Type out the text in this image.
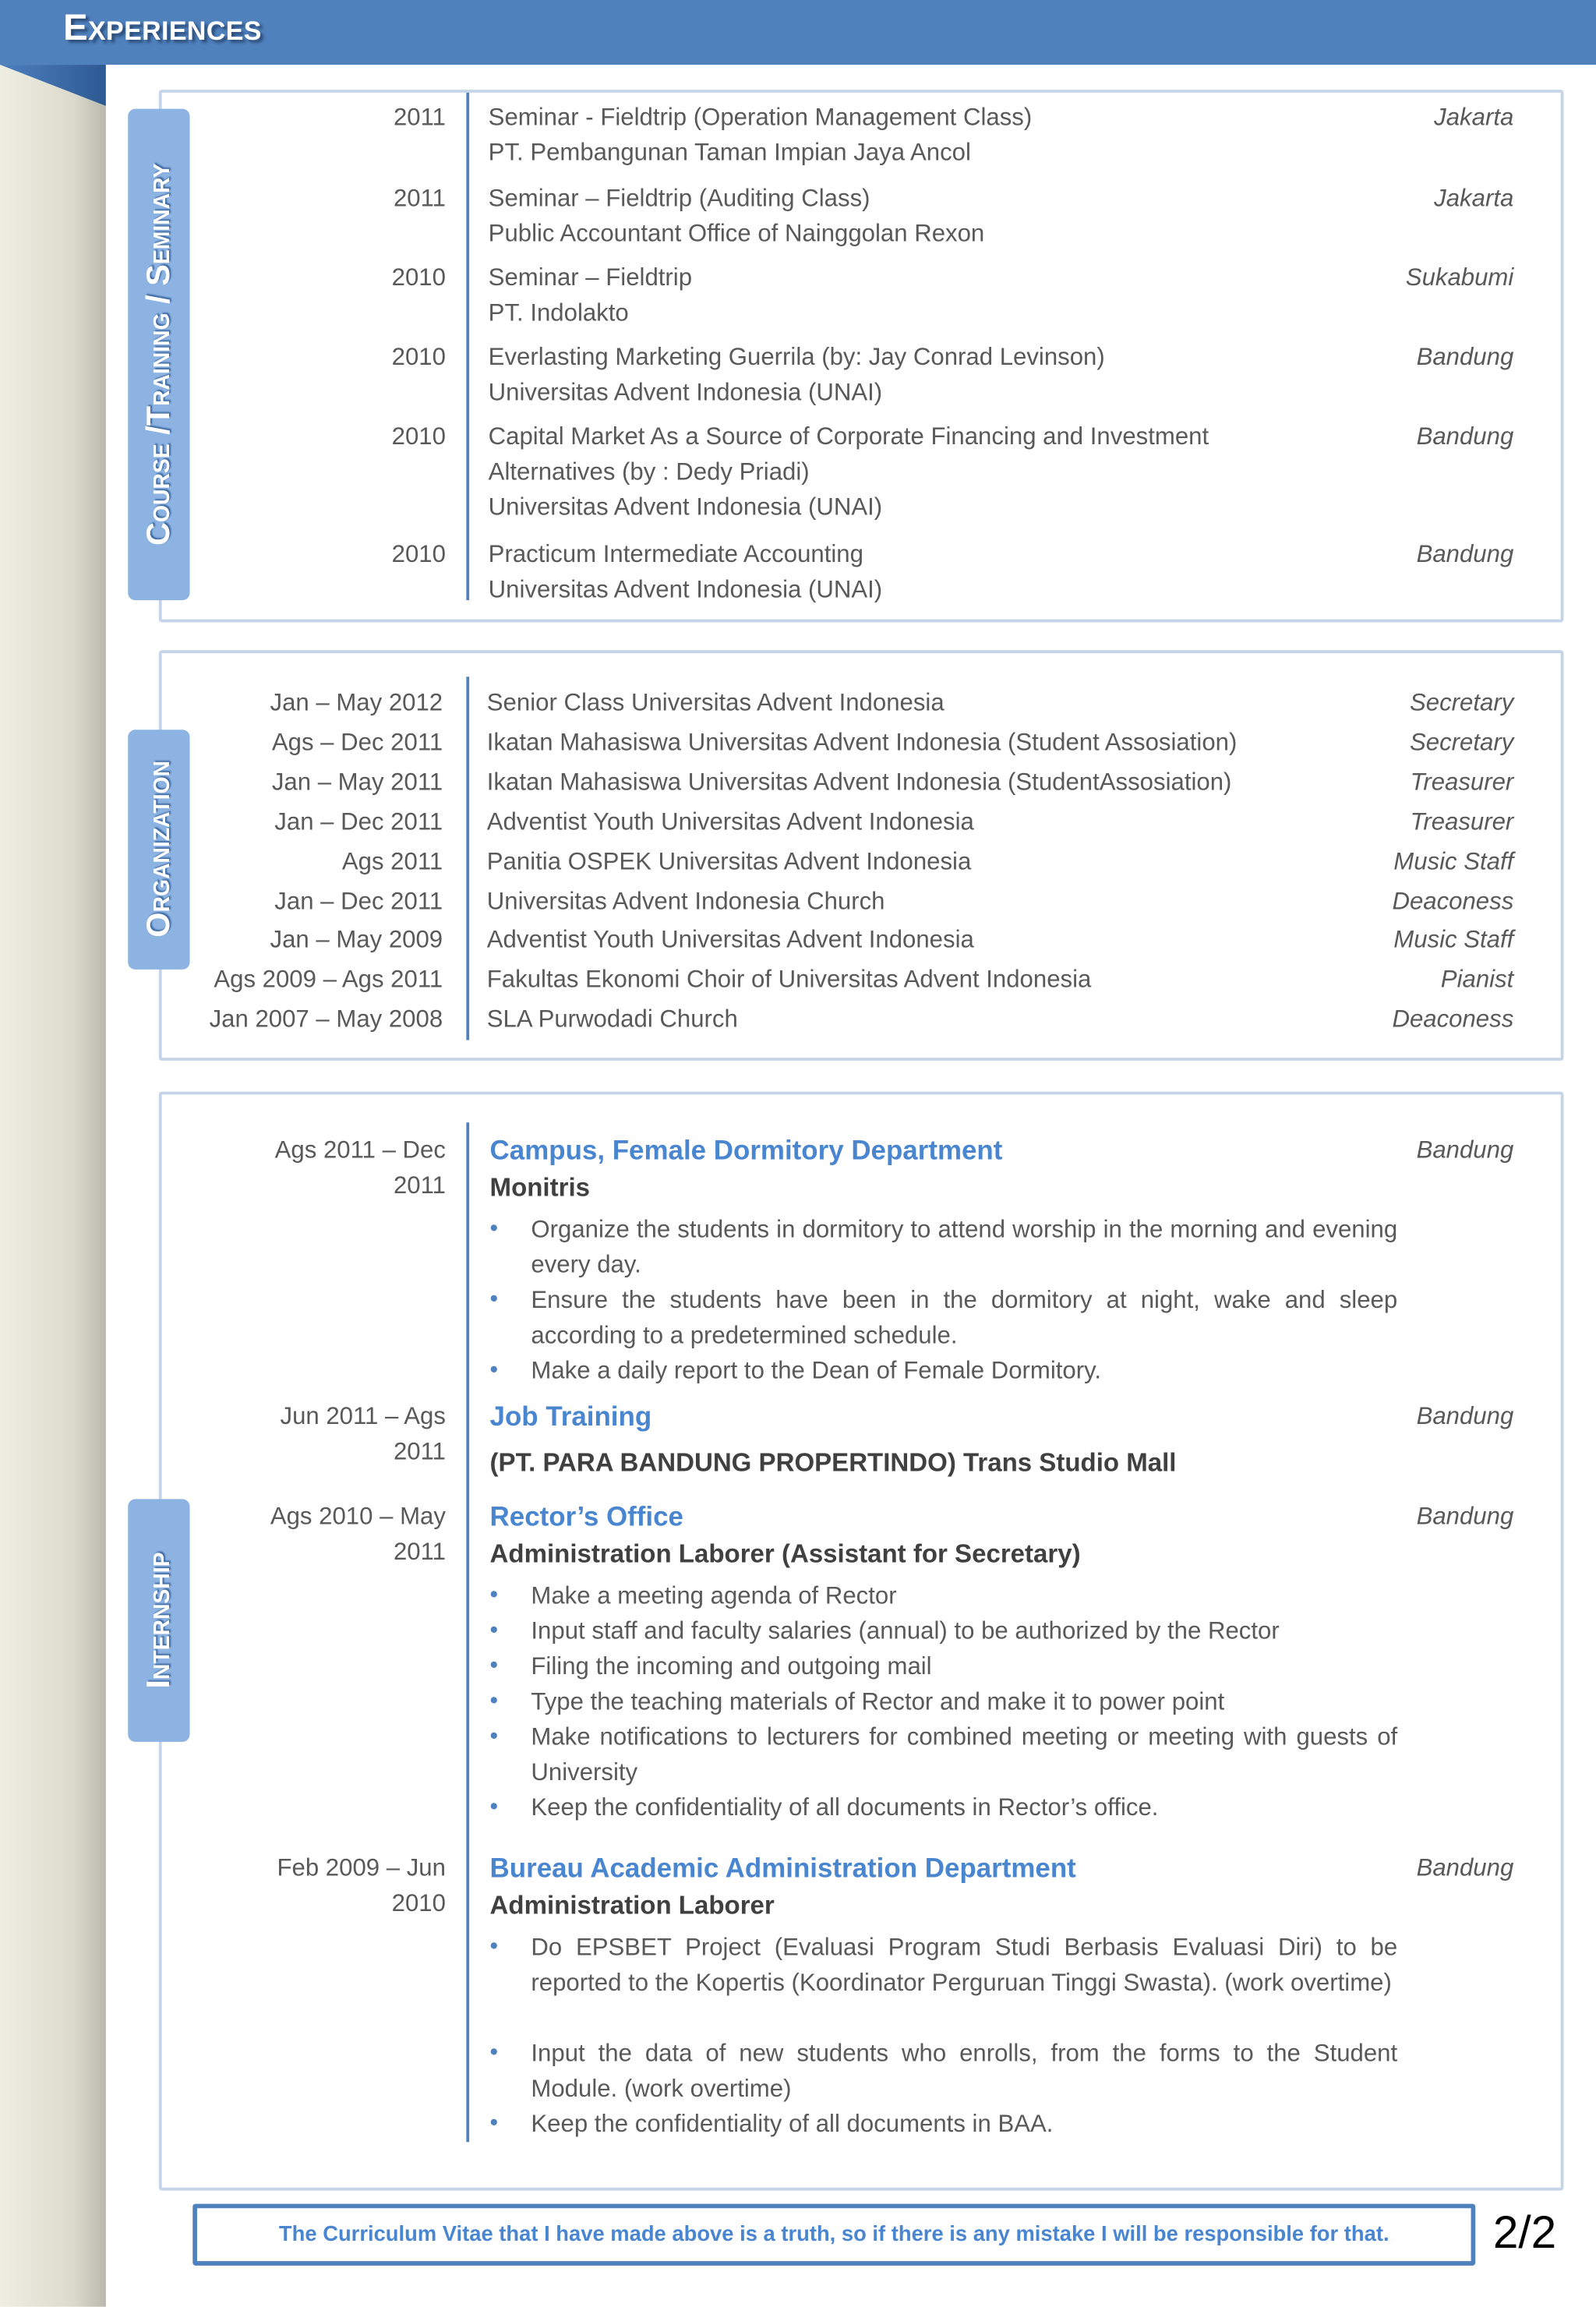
Experiences
Course /Training / Seminary
2011	Seminar - Fieldtrip (Operation Management Class)
PT. Pembangunan Taman Impian Jaya Ancol
Jakarta
2011	Seminar – Fieldtrip (Auditing Class)
Public Accountant Office of Nainggolan Rexon
Jakarta
2010	Seminar – Fieldtrip
PT. Indolakto
Sukabumi
2010	Everlasting Marketing Guerrila (by: Jay Conrad Levinson)
Universitas Advent Indonesia (UNAI)
Bandung
2010	Capital Market As a Source of Corporate Financing and Investment
Alternatives (by : Dedy Priadi)
Universitas Advent Indonesia (UNAI)
Bandung
2010	Practicum Intermediate Accounting
Universitas Advent Indonesia (UNAI)
Bandung
Organization
Jan – May 2012	Senior Class Universitas Advent Indonesia	Secretary
Ags – Dec 2011	Ikatan Mahasiswa Universitas Advent Indonesia (Student Assosiation)	Secretary
Jan – May 2011	Ikatan Mahasiswa Universitas Advent Indonesia (StudentAssosiation)	Treasurer
Jan – Dec 2011	Adventist Youth Universitas Advent Indonesia	Treasurer
Ags 2011	Panitia OSPEK Universitas Advent Indonesia	Music Staff
Jan – Dec 2011	Universitas Advent Indonesia Church	Deaconess
Jan – May 2009	Adventist Youth Universitas Advent Indonesia	Music Staff
Ags 2009 – Ags 2011	Fakultas Ekonomi Choir of Universitas Advent Indonesia	Pianist
Jan 2007 – May 2008	SLA Purwodadi Church	Deaconess
Internship
Ags 2011 – Dec
2011
Campus, Female Dormitory Department	Bandung
Monitris
•	Organize the students in dormitory to attend worship in the morning and evening every day.
•	Ensure the students have been in the dormitory at night, wake and sleep according to a predetermined schedule.
•	Make a daily report to the Dean of Female Dormitory.
Jun 2011 – Ags
2011
Job Training	Bandung
(PT. PARA BANDUNG PROPERTINDO) Trans Studio Mall
Ags 2010 – May
2011
Rector’s Office	Bandung
Administration Laborer (Assistant for Secretary)
•	Make a meeting agenda of Rector
•	Input staff and faculty salaries (annual) to be authorized by the Rector
•	Filing the incoming and outgoing mail
•	Type the teaching materials of Rector and make it to power point
•	Make notifications to lecturers for combined meeting or meeting with guests of University
•	Keep the confidentiality of all documents in Rector’s office.
Feb 2009 – Jun
2010
Bureau Academic Administration Department	Bandung
Administration Laborer
•	Do EPSBET Project (Evaluasi Program Studi Berbasis Evaluasi Diri) to be reported to the Kopertis (Koordinator Perguruan Tinggi Swasta). (work overtime)
•	Input the data of new students who enrolls, from the forms to the Student Module. (work overtime)
•	Keep the confidentiality of all documents in BAA.
The Curriculum Vitae that I have made above is a truth, so if there is any mistake I will be responsible for that.	2/2
